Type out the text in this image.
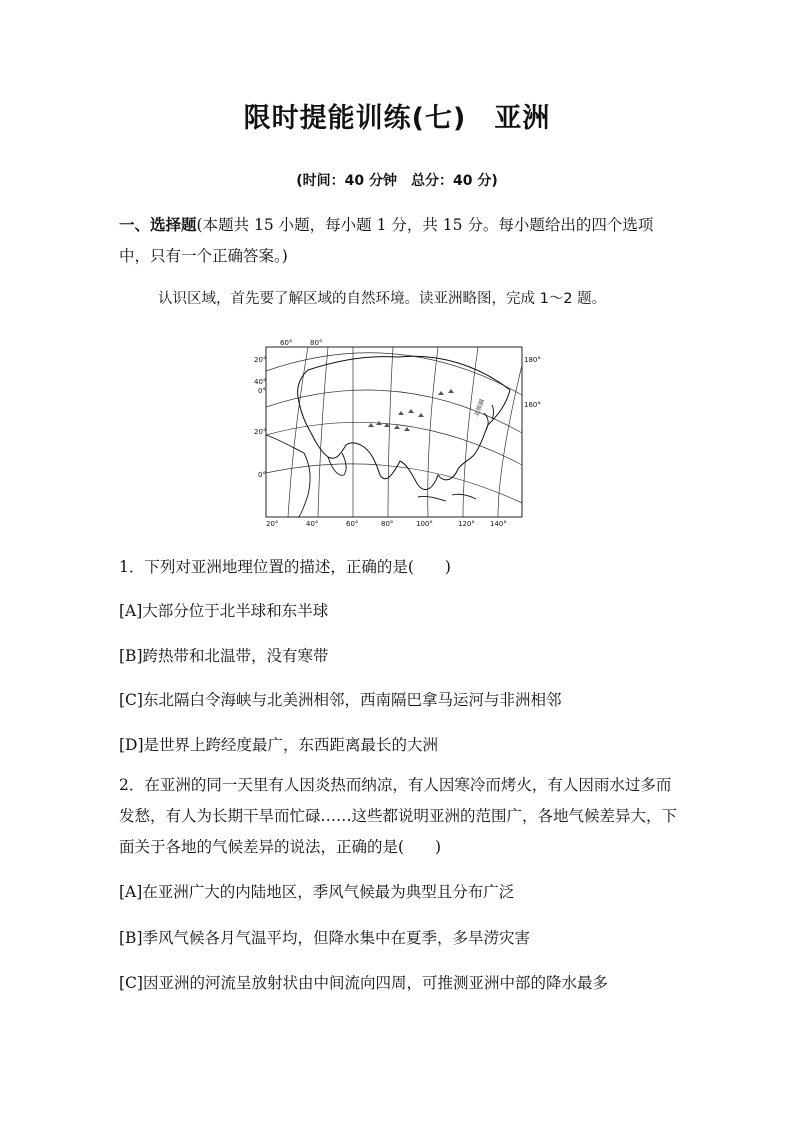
限时提能训练(七)　亚洲
(时间：40 分钟　总分：40 分)
一、选择题(本题共 15 小题，每小题 1 分，共 15 分。每小题给出的四个选项中，只有一个正确答案。)
认识区域，首先要了解区域的自然环境。读亚洲略图，完成 1～2 题。
北极圈
60°	80°
20°
40°
0°
20°
0°
180°
160°
20°	40°	60°	80°	100°	120° 140°
1．下列对亚洲地理位置的描述，正确的是(　　)
[A]大部分位于北半球和东半球
[B]跨热带和北温带，没有寒带
[C]东北隔白令海峡与北美洲相邻，西南隔巴拿马运河与非洲相邻
[D]是世界上跨经度最广，东西距离最长的大洲
2．在亚洲的同一天里有人因炎热而纳凉，有人因寒冷而烤火，有人因雨水过多而发愁，有人为长期干旱而忙碌……这些都说明亚洲的范围广，各地气候差异大，下面关于各地的气候差异的说法，正确的是(　　)
[A]在亚洲广大的内陆地区，季风气候最为典型且分布广泛
[B]季风气候各月气温平均，但降水集中在夏季，多旱涝灾害
[C]因亚洲的河流呈放射状由中间流向四周，可推测亚洲中部的降水最多
